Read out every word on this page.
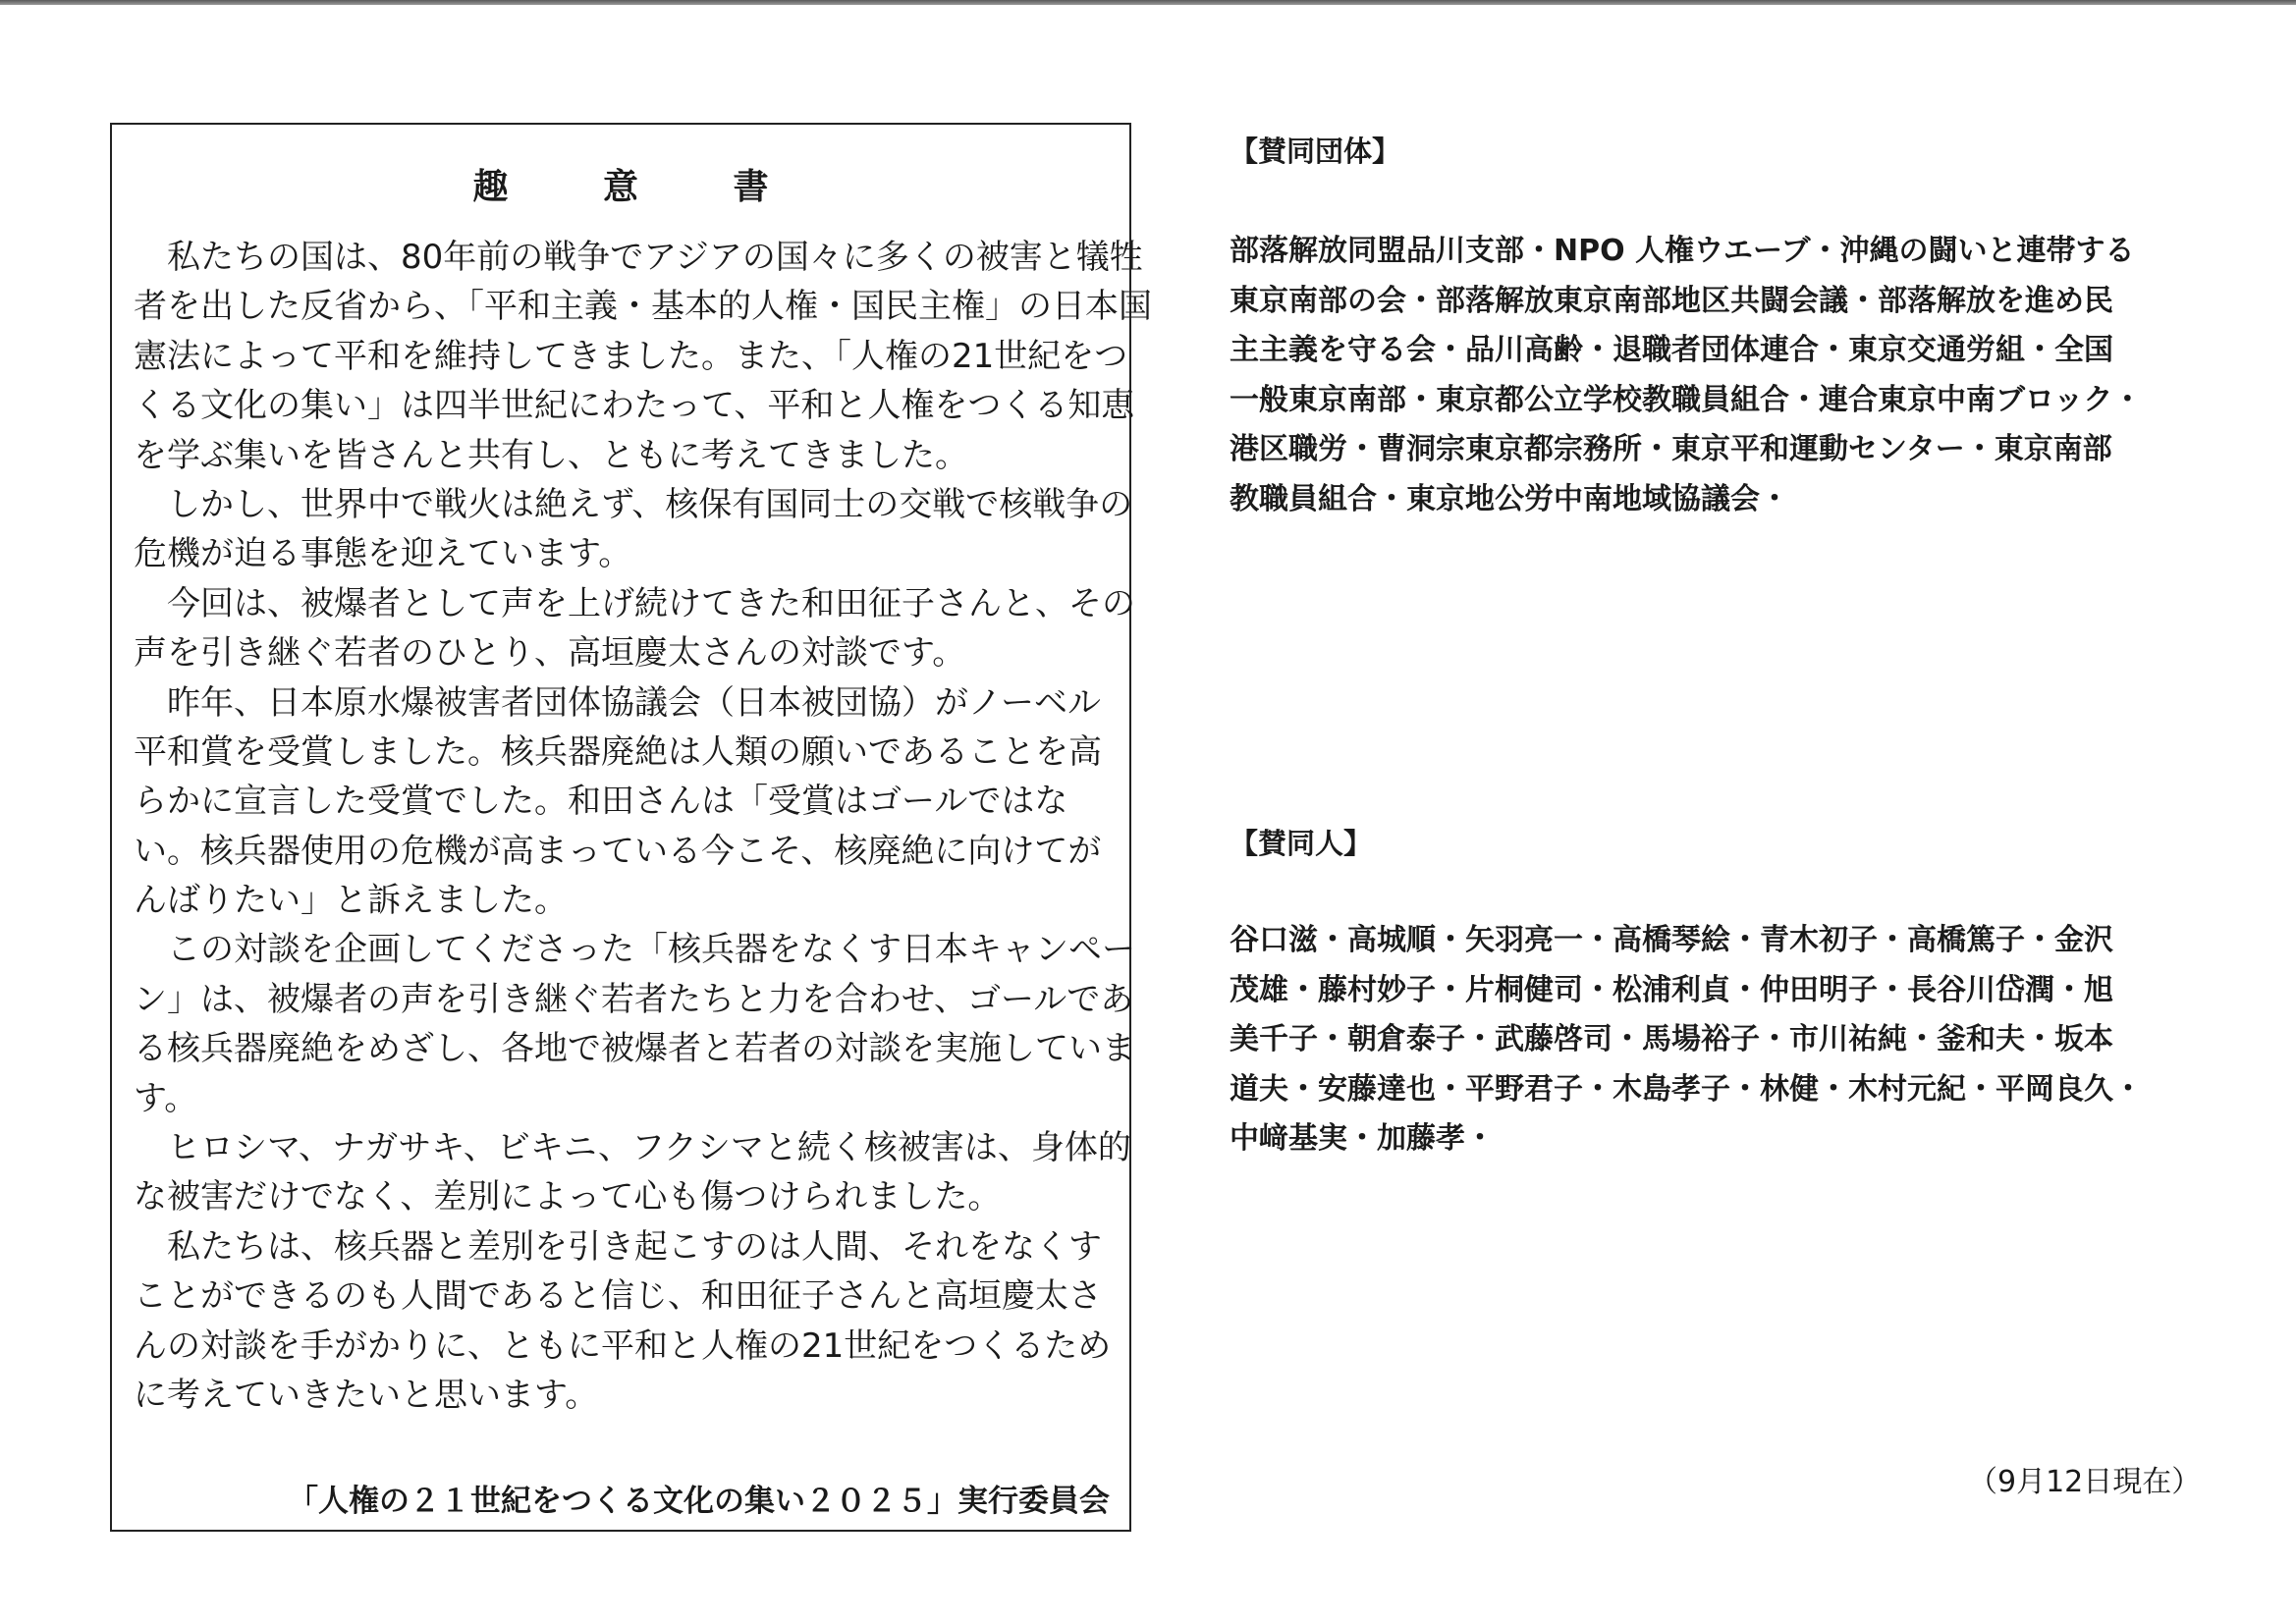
趣 意 書
　私たちの国は、80年前の戦争でアジアの国々に多くの被害と犠牲
者を出した反省から、「平和主義・基本的人権・国民主権」の日本国
憲法によって平和を維持してきました。また、「人権の21世紀をつ
くる文化の集い」は四半世紀にわたって、平和と人権をつくる知恵
を学ぶ集いを皆さんと共有し、ともに考えてきました。
　しかし、世界中で戦火は絶えず、核保有国同士の交戦で核戦争の
危機が迫る事態を迎えています。
　今回は、被爆者として声を上げ続けてきた和田征子さんと、その
声を引き継ぐ若者のひとり、高垣慶太さんの対談です。
　昨年、日本原水爆被害者団体協議会（日本被団協）がノーベル
平和賞を受賞しました。核兵器廃絶は人類の願いであることを高
らかに宣言した受賞でした。和田さんは「受賞はゴールではな
い。核兵器使用の危機が高まっている今こそ、核廃絶に向けてが
んばりたい」と訴えました。
　この対談を企画してくださった「核兵器をなくす日本キャンペー
ン」は、被爆者の声を引き継ぐ若者たちと力を合わせ、ゴールであ
る核兵器廃絶をめざし、各地で被爆者と若者の対談を実施していま
す。
　ヒロシマ、ナガサキ、ビキニ、フクシマと続く核被害は、身体的
な被害だけでなく、差別によって心も傷つけられました。
　私たちは、核兵器と差別を引き起こすのは人間、それをなくす
ことができるのも人間であると信じ、和田征子さんと高垣慶太さ
んの対談を手がかりに、ともに平和と人権の21世紀をつくるため
に考えていきたいと思います。
「人権の２１世紀をつくる文化の集い２０２５」実行委員会
【賛同団体】
部落解放同盟品川支部・NPO 人権ウエーブ・沖縄の闘いと連帯する
東京南部の会・部落解放東京南部地区共闘会議・部落解放を進め民
主主義を守る会・品川高齢・退職者団体連合・東京交通労組・全国
一般東京南部・東京都公立学校教職員組合・連合東京中南ブロック・
港区職労・曹洞宗東京都宗務所・東京平和運動センター・東京南部
教職員組合・東京地公労中南地域協議会・
【賛同人】
谷口滋・高城順・矢羽亮一・高橋琴絵・青木初子・高橋篤子・金沢
茂雄・藤村妙子・片桐健司・松浦利貞・仲田明子・長谷川岱潤・旭
美千子・朝倉泰子・武藤啓司・馬場裕子・市川祐純・釜和夫・坂本
道夫・安藤達也・平野君子・木島孝子・林健・木村元紀・平岡良久・
中﨑基実・加藤孝・
（9月12日現在）
